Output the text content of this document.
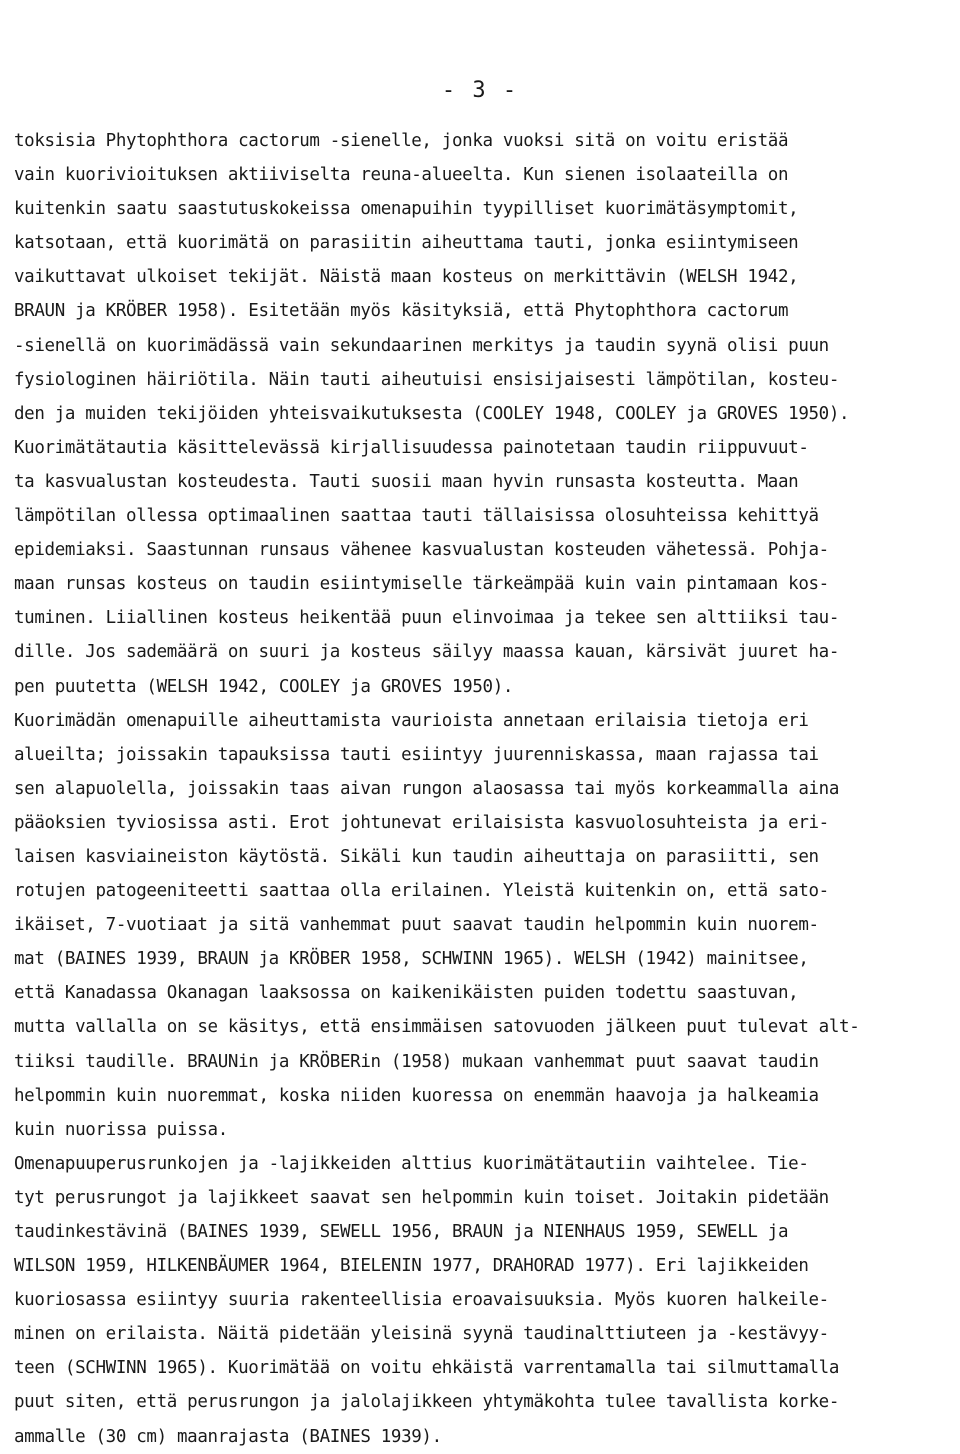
- 3 -
toksisia Phytophthora cactorum -sienelle, jonka vuoksi sitä on voitu eristää
vain kuorivioituksen aktiiviselta reuna-alueelta. Kun sienen isolaateilla on
kuitenkin saatu saastutuskokeissa omenapuihin tyypilliset kuorimätäsymptomit,
katsotaan, että kuorimätä on parasiitin aiheuttama tauti, jonka esiintymiseen
vaikuttavat ulkoiset tekijät. Näistä maan kosteus on merkittävin (WELSH 1942,
BRAUN ja KRÖBER 1958). Esitetään myös käsityksiä, että Phytophthora cactorum
-sienellä on kuorimädässä vain sekundaarinen merkitys ja taudin syynä olisi puun
fysiologinen häiriötila. Näin tauti aiheutuisi ensisijaisesti lämpötilan, kosteu-
den ja muiden tekijöiden yhteisvaikutuksesta (COOLEY 1948, COOLEY ja GROVES 1950).
Kuorimätätautia käsittelevässä kirjallisuudessa painotetaan taudin riippuvuut-
ta kasvualustan kosteudesta. Tauti suosii maan hyvin runsasta kosteutta. Maan
lämpötilan ollessa optimaalinen saattaa tauti tällaisissa olosuhteissa kehittyä
epidemiaksi. Saastunnan runsaus vähenee kasvualustan kosteuden vähetessä. Pohja-
maan runsas kosteus on taudin esiintymiselle tärkeämpää kuin vain pintamaan kos-
tuminen. Liiallinen kosteus heikentää puun elinvoimaa ja tekee sen alttiiksi tau-
dille. Jos sademäärä on suuri ja kosteus säilyy maassa kauan, kärsivät juuret ha-
pen puutetta (WELSH 1942, COOLEY ja GROVES 1950).
Kuorimädän omenapuille aiheuttamista vaurioista annetaan erilaisia tietoja eri
alueilta; joissakin tapauksissa tauti esiintyy juurenniskassa, maan rajassa tai
sen alapuolella, joissakin taas aivan rungon alaosassa tai myös korkeammalla aina
pääoksien tyviosissa asti. Erot johtunevat erilaisista kasvuolosuhteista ja eri-
laisen kasviaineiston käytöstä. Sikäli kun taudin aiheuttaja on parasiitti, sen
rotujen patogeeniteetti saattaa olla erilainen. Yleistä kuitenkin on, että sato-
ikäiset, 7-vuotiaat ja sitä vanhemmat puut saavat taudin helpommin kuin nuorem-
mat (BAINES 1939, BRAUN ja KRÖBER 1958, SCHWINN 1965). WELSH (1942) mainitsee,
että Kanadassa Okanagan laaksossa on kaikenikäisten puiden todettu saastuvan,
mutta vallalla on se käsitys, että ensimmäisen satovuoden jälkeen puut tulevat alt-
tiiksi taudille. BRAUNin ja KRÖBERin (1958) mukaan vanhemmat puut saavat taudin
helpommin kuin nuoremmat, koska niiden kuoressa on enemmän haavoja ja halkeamia
kuin nuorissa puissa.
Omenapuuperusrunkojen ja -lajikkeiden alttius kuorimätätautiin vaihtelee. Tie-
tyt perusrungot ja lajikkeet saavat sen helpommin kuin toiset. Joitakin pidetään
taudinkestävinä (BAINES 1939, SEWELL 1956, BRAUN ja NIENHAUS 1959, SEWELL ja
WILSON 1959, HILKENBÄUMER 1964, BIELENIN 1977, DRAHORAD 1977). Eri lajikkeiden
kuoriosassa esiintyy suuria rakenteellisia eroavaisuuksia. Myös kuoren halkeile-
minen on erilaista. Näitä pidetään yleisinä syynä taudinalttiuteen ja -kestävyy-
teen (SCHWINN 1965). Kuorimätää on voitu ehkäistä varrentamalla tai silmuttamalla
puut siten, että perusrungon ja jalolajikkeen yhtymäkohta tulee tavallista korke-
ammalle (30 cm) maanrajasta (BAINES 1939).
